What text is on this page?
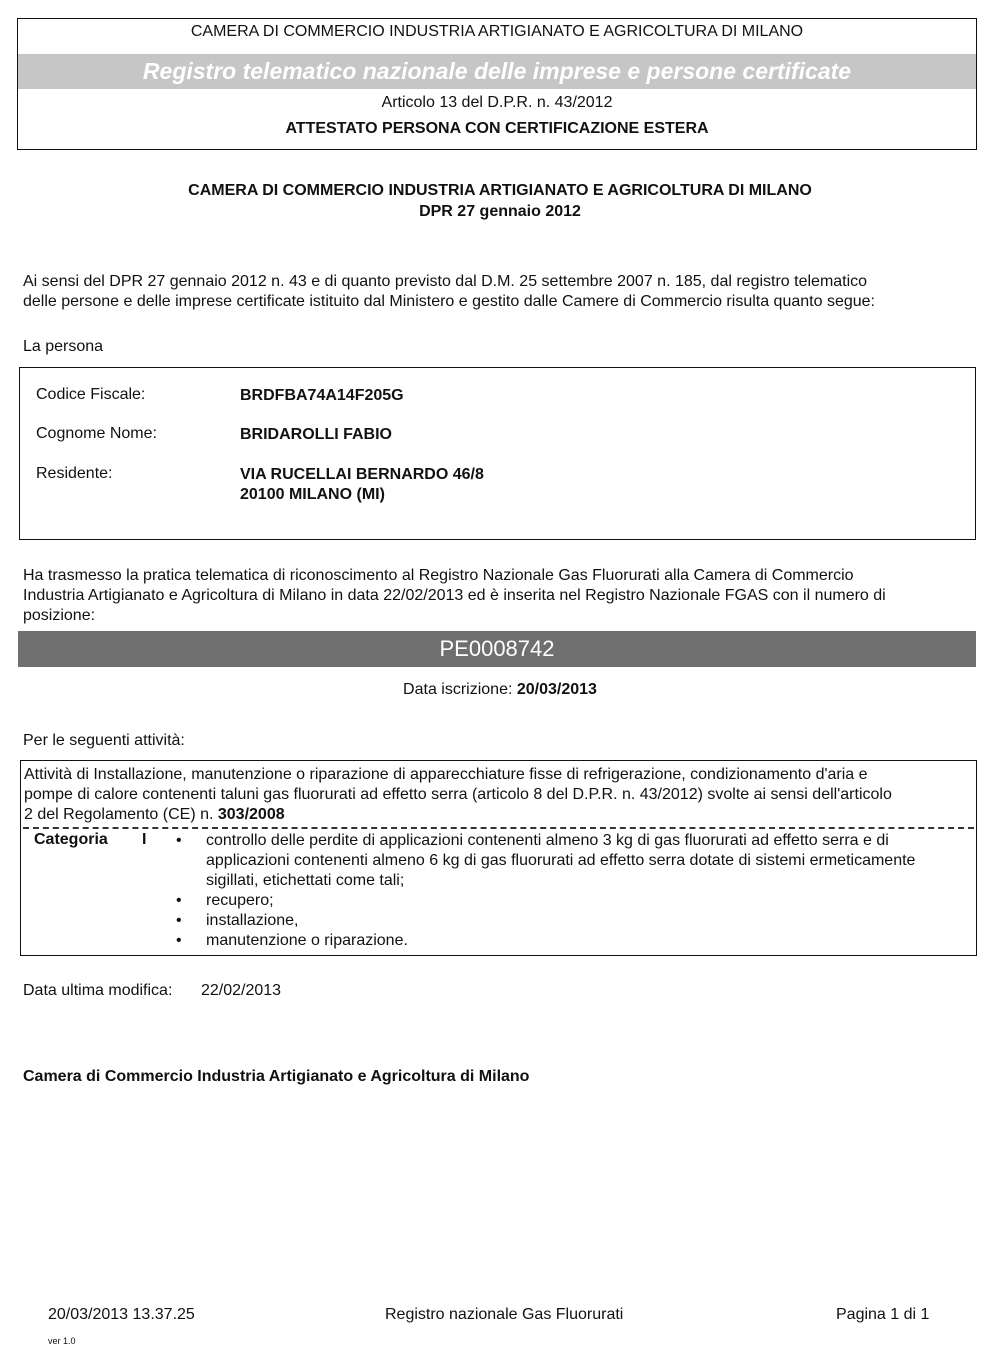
CAMERA DI COMMERCIO INDUSTRIA ARTIGIANATO E AGRICOLTURA DI MILANO
Registro telematico nazionale delle imprese e persone certificate
Articolo 13 del D.P.R. n. 43/2012
ATTESTATO PERSONA CON CERTIFICAZIONE ESTERA
CAMERA DI COMMERCIO INDUSTRIA ARTIGIANATO E AGRICOLTURA DI MILANO
DPR 27 gennaio 2012
Ai sensi del DPR 27 gennaio 2012 n. 43 e di quanto previsto dal D.M. 25 settembre 2007 n. 185, dal registro telematico
delle persone e delle imprese certificate istituito dal Ministero e gestito dalle Camere di Commercio risulta quanto segue:
La persona
Codice Fiscale:	BRDFBA74A14F205G
Cognome Nome:	BRIDAROLLI FABIO
Residente:	VIA RUCELLAI BERNARDO 46/8
20100 MILANO (MI)
Ha trasmesso la pratica telematica di riconoscimento al Registro Nazionale Gas Fluorurati alla Camera di Commercio
Industria Artigianato e Agricoltura di Milano in data 22/02/2013 ed è inserita nel Registro Nazionale FGAS con il numero di
posizione:
PE0008742
Data iscrizione: 20/03/2013
Per le seguenti attività:
Attività di Installazione, manutenzione o riparazione di apparecchiature fisse di refrigerazione, condizionamento d'aria e
pompe di calore contenenti taluni gas fluorurati ad effetto serra (articolo 8 del D.P.R. n. 43/2012) svolte ai sensi dell'articolo
2 del Regolamento (CE) n. 303/2008
Categoria I • controllo delle perdite di applicazioni contenenti almeno 3 kg di gas fluorurati ad effetto serra e di
applicazioni contenenti almeno 6 kg di gas fluorurati ad effetto serra dotate di sistemi ermeticamente
sigillati, etichettati come tali;
• recupero;
• installazione,
• manutenzione o riparazione.
Data ultima modifica: 22/02/2013
Camera di Commercio Industria Artigianato e Agricoltura di Milano
20/03/2013 13.37.25	Registro nazionale Gas Fluorurati	Pagina 1 di 1
ver 1.0
